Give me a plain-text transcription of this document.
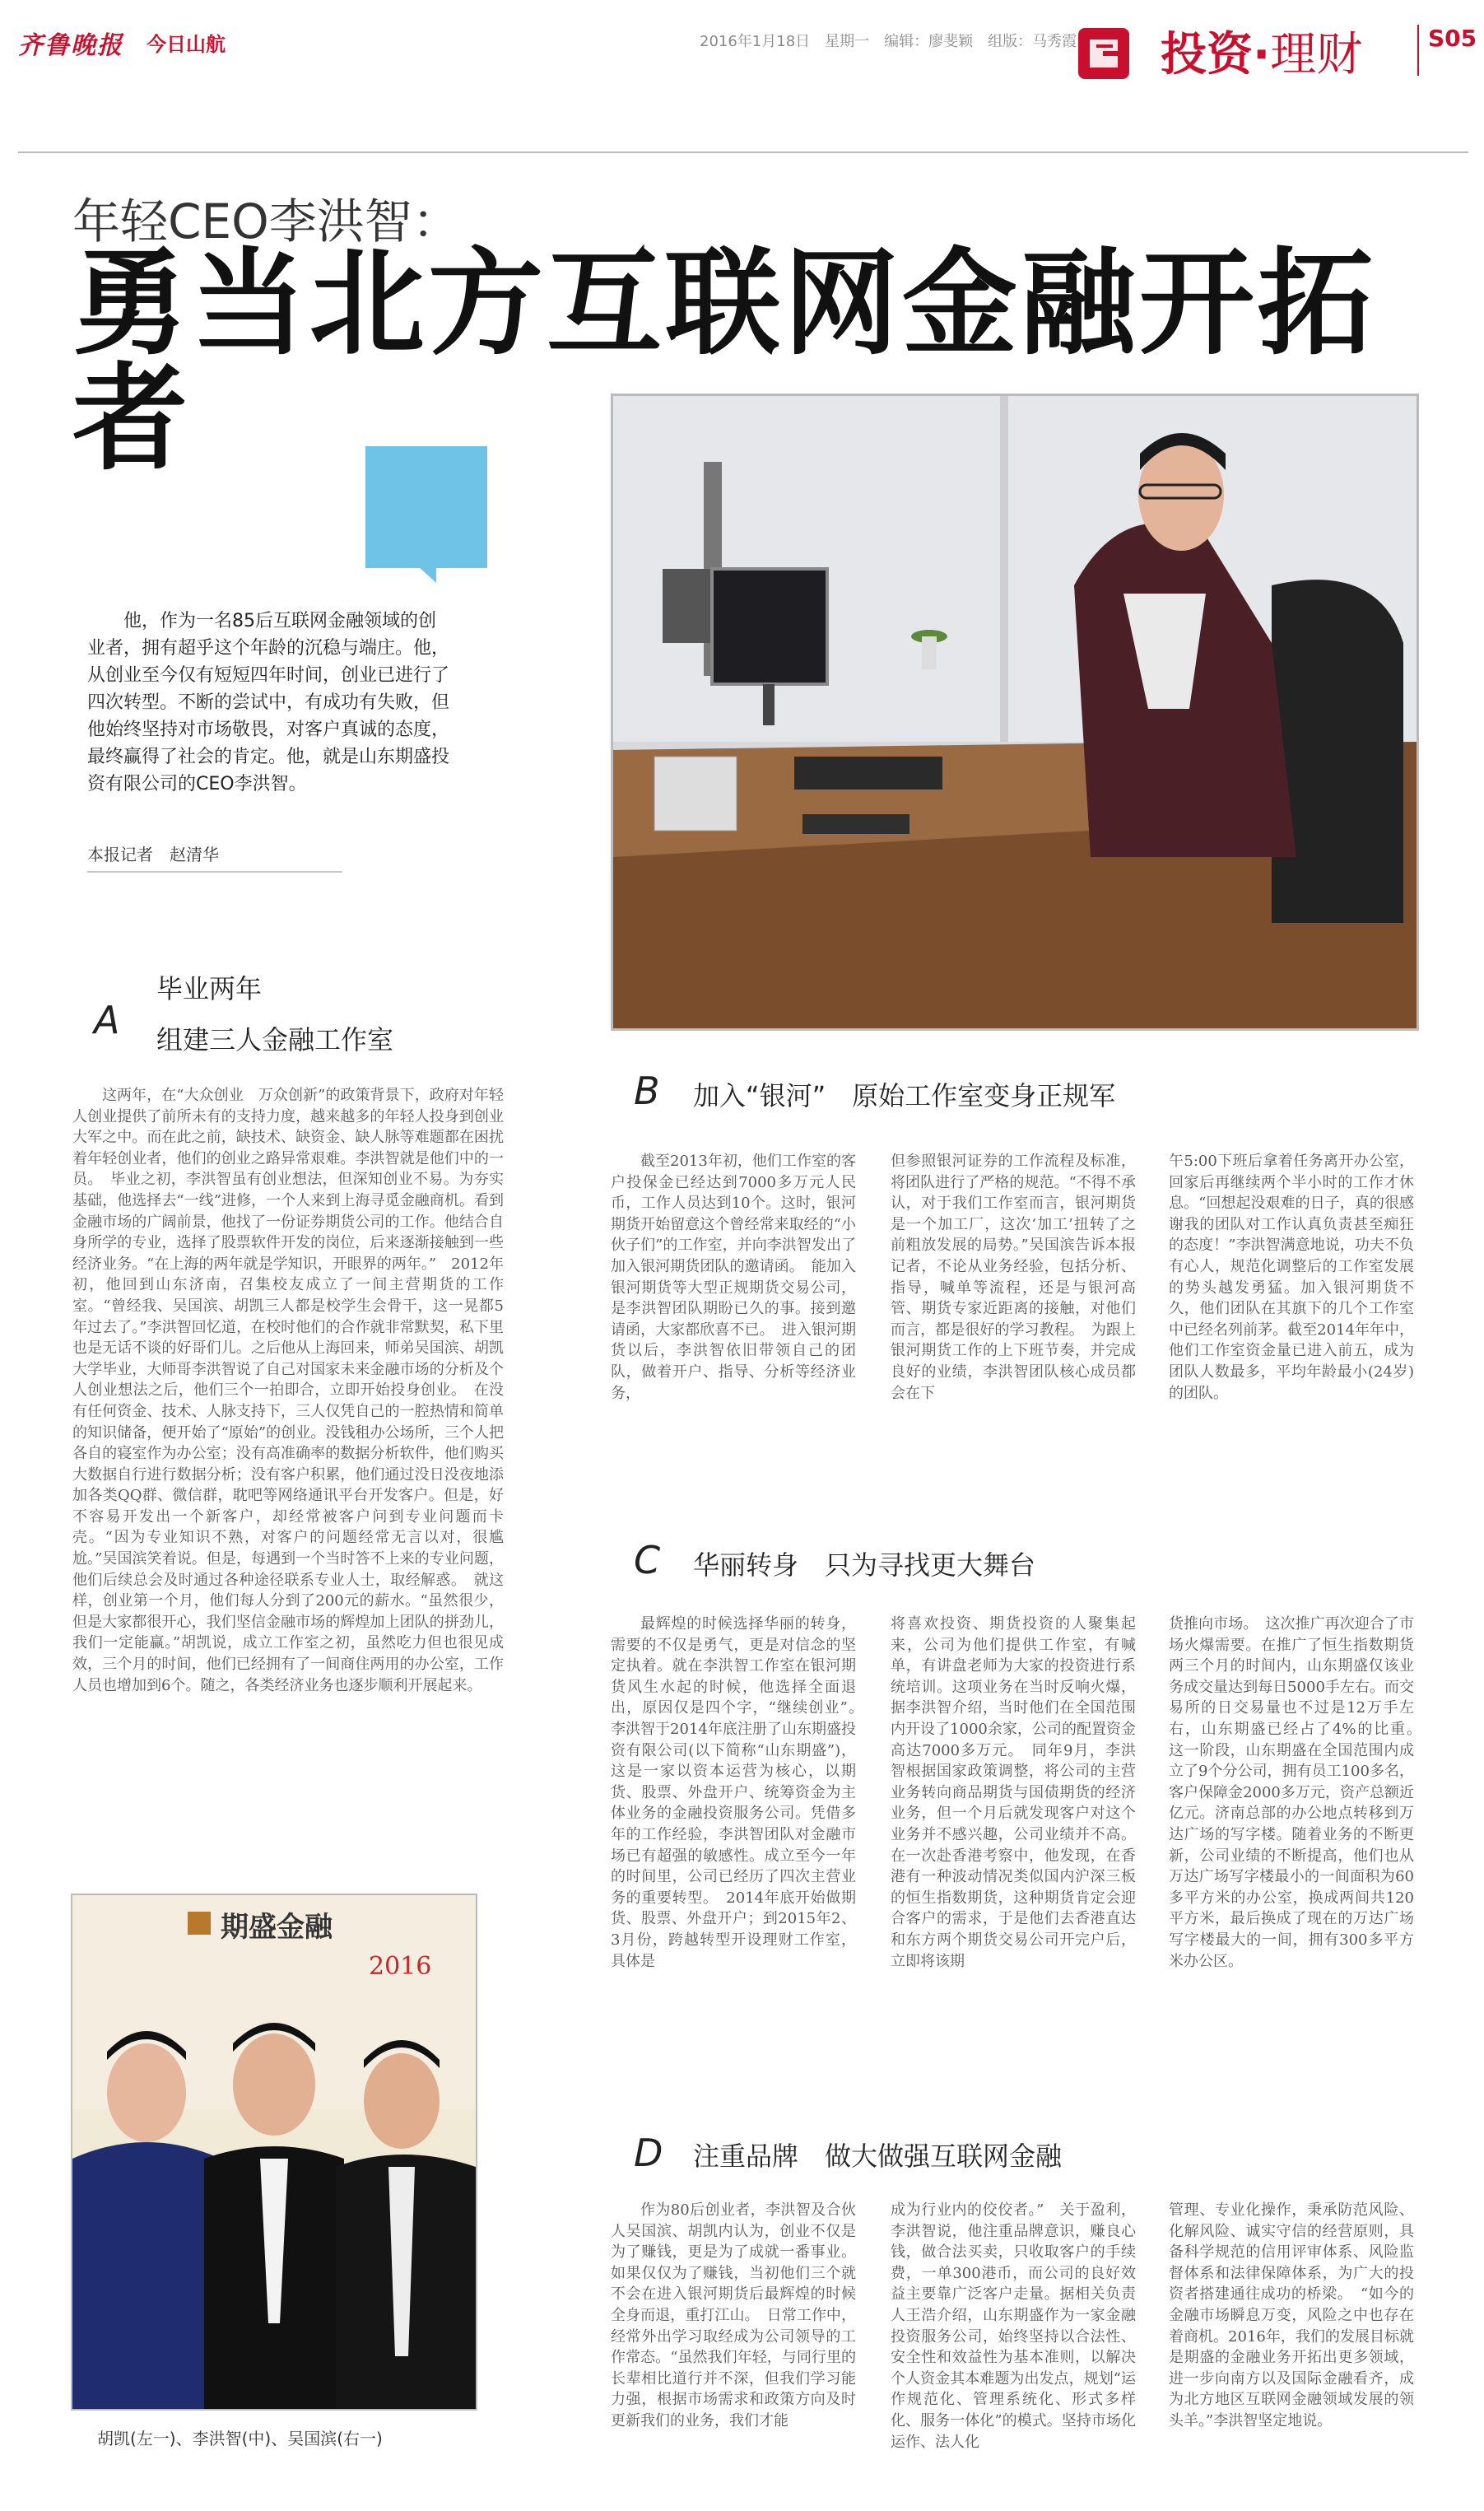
齐鲁晚报 今日山航	2016年1月18日　星期一　编辑：廖斐颖　组版：马秀霞 投资·理财	S05
年轻CEO李洪智：
勇当北方互联网金融开拓者
他，作为一名85后互联网金融领域的创业者，拥有超乎这个年龄的沉稳与端庄。他，从创业至今仅有短短四年时间，创业已进行了四次转型。不断的尝试中，有成功有失败，但他始终坚持对市场敬畏，对客户真诚的态度，最终赢得了社会的肯定。他，就是山东期盛投资有限公司的CEO李洪智。
本报记者　赵清华
A
毕业两年
组建三人金融工作室
这两年，在“大众创业　万众创新”的政策背景下，政府对年轻人创业提供了前所未有的支持力度，越来越多的年轻人投身到创业大军之中。而在此之前，缺技术、缺资金、缺人脉等难题都在困扰着年轻创业者，他们的创业之路异常艰难。李洪智就是他们中的一员。　毕业之初，李洪智虽有创业想法，但深知创业不易。为夯实基础，他选择去“一线”进修，一个人来到上海寻觅金融商机。看到金融市场的广阔前景，他找了一份证券期货公司的工作。他结合自身所学的专业，选择了股票软件开发的岗位，后来逐渐接触到一些经济业务。“在上海的两年就是学知识，开眼界的两年。”　2012年初，他回到山东济南，召集校友成立了一间主营期货的工作室。“曾经我、吴国滨、胡凯三人都是校学生会骨干，这一晃都5年过去了。”李洪智回忆道，在校时他们的合作就非常默契，私下里也是无话不谈的好哥们儿。之后他从上海回来，师弟吴国滨、胡凯大学毕业，大师哥李洪智说了自己对国家未来金融市场的分析及个人创业想法之后，他们三个一拍即合，立即开始投身创业。　在没有任何资金、技术、人脉支持下，三人仅凭自己的一腔热情和简单的知识储备，便开始了“原始”的创业。没钱租办公场所，三个人把各自的寝室作为办公室；没有高准确率的数据分析软件，他们购买大数据自行进行数据分析；没有客户积累，他们通过没日没夜地添加各类QQ群、微信群，耽吧等网络通讯平台开发客户。但是，好不容易开发出一个新客户，却经常被客户问到专业问题而卡壳。“因为专业知识不熟，对客户的问题经常无言以对，很尴尬。”吴国滨笑着说。但是，每遇到一个当时答不上来的专业问题，他们后续总会及时通过各种途径联系专业人士，取经解惑。　就这样，创业第一个月，他们每人分到了200元的薪水。“虽然很少，但是大家都很开心，我们坚信金融市场的辉煌加上团队的拼劲儿，我们一定能赢。”胡凯说，成立工作室之初，虽然吃力但也很见成效，三个月的时间，他们已经拥有了一间商住两用的办公室，工作人员也增加到6个。随之，各类经济业务也逐步顺利开展起来。
期盛金融
2016
胡凯(左一)、李洪智(中)、吴国滨(右一)
B 加入“银河”　原始工作室变身正规军
截至2013年初，他们工作室的客户投保金已经达到7000多万元人民币，工作人员达到10个。这时，银河期货开始留意这个曾经常来取经的“小伙子们”的工作室，并向李洪智发出了加入银河期货团队的邀请函。　能加入银河期货等大型正规期货交易公司，是李洪智团队期盼已久的事。接到邀请函，大家都欣喜不已。　进入银河期货以后，李洪智依旧带领自己的团队，做着开户、指导、分析等经济业务，
但参照银河证券的工作流程及标准，将团队进行了严格的规范。“不得不承认，对于我们工作室而言，银河期货是一个加工厂，这次‘加工’扭转了之前粗放发展的局势。”吴国滨告诉本报记者，不论从业务经验，包括分析、指导，喊单等流程，还是与银河高管、期货专家近距离的接触，对他们而言，都是很好的学习教程。　为跟上银河期货工作的上下班节奏，并完成良好的业绩，李洪智团队核心成员都会在下
午5:00下班后拿着任务离开办公室，回家后再继续两个半小时的工作才休息。“回想起没艰难的日子，真的很感谢我的团队对工作认真负责甚至痴狂的态度！”李洪智满意地说，功夫不负有心人，规范化调整后的工作室发展的势头越发勇猛。加入银河期货不久，他们团队在其旗下的几个工作室中已经名列前茅。截至2014年年中，他们工作室资金量已进入前五，成为团队人数最多，平均年龄最小(24岁)的团队。
C 华丽转身　只为寻找更大舞台
最辉煌的时候选择华丽的转身，需要的不仅是勇气，更是对信念的坚定执着。就在李洪智工作室在银河期货风生水起的时候，他选择全面退出，原因仅是四个字，“继续创业”。　李洪智于2014年底注册了山东期盛投资有限公司(以下简称“山东期盛”)，这是一家以资本运营为核心，以期货、股票、外盘开户、统筹资金为主体业务的金融投资服务公司。凭借多年的工作经验，李洪智团队对金融市场已有超强的敏感性。成立至今一年的时间里，公司已经历了四次主营业务的重要转型。　2014年底开始做期货、股票、外盘开户；到2015年2、3月份，跨越转型开设理财工作室，具体是
将喜欢投资、期货投资的人聚集起来，公司为他们提供工作室，有喊单，有讲盘老师为大家的投资进行系统培训。这项业务在当时反响火爆，据李洪智介绍，当时他们在全国范围内开设了1000余家，公司的配置资金高达7000多万元。　同年9月，李洪智根据国家政策调整，将公司的主营业务转向商品期货与国债期货的经济业务，但一个月后就发现客户对这个业务并不感兴趣，公司业绩并不高。在一次赴香港考察中，他发现，在香港有一种波动情况类似国内沪深三板的恒生指数期货，这种期货肯定会迎合客户的需求，于是他们去香港直达和东方两个期货交易公司开完户后，立即将该期
货推向市场。　这次推广再次迎合了市场火爆需要。在推广了恒生指数期货两三个月的时间内，山东期盛仅该业务成交量达到每日5000手左右。而交易所的日交易量也不过是12万手左右，山东期盛已经占了4%的比重。　这一阶段，山东期盛在全国范围内成立了9个分公司，拥有员工100多名，客户保障金2000多万元，资产总额近亿元。济南总部的办公地点转移到万达广场的写字楼。随着业务的不断更新，公司业绩的不断提高，他们也从万达广场写字楼最小的一间面积为60多平方米的办公室，换成两间共120平方米，最后换成了现在的万达广场写字楼最大的一间，拥有300多平方米办公区。
D 注重品牌　做大做强互联网金融
作为80后创业者，李洪智及合伙人吴国滨、胡凯内认为，创业不仅是为了赚钱，更是为了成就一番事业。如果仅仅为了赚钱，当初他们三个就不会在进入银河期货后最辉煌的时候全身而退，重打江山。　日常工作中，经常外出学习取经成为公司领导的工作常态。“虽然我们年轻，与同行里的长辈相比道行并不深，但我们学习能力强，根据市场需求和政策方向及时更新我们的业务，我们才能
成为行业内的佼佼者。”　关于盈利，李洪智说，他注重品牌意识，赚良心钱，做合法买卖，只收取客户的手续费，一单300港币，而公司的良好效益主要靠广泛客户走量。据相关负责人王浩介绍，山东期盛作为一家金融投资服务公司，始终坚持以合法性、安全性和效益性为基本准则，以解决个人资金其本难题为出发点，规划“运作规范化、管理系统化、形式多样化、服务一体化”的模式。坚持市场化运作、法人化
管理、专业化操作，秉承防范风险、化解风险、诚实守信的经营原则，具备科学规范的信用评审体系、风险监督体系和法律保障体系，为广大的投资者搭建通往成功的桥梁。　“如今的金融市场瞬息万变，风险之中也存在着商机。2016年，我们的发展目标就是期盛的金融业务开拓出更多领域，进一步向南方以及国际金融看齐，成为北方地区互联网金融领域发展的领头羊。”李洪智坚定地说。
